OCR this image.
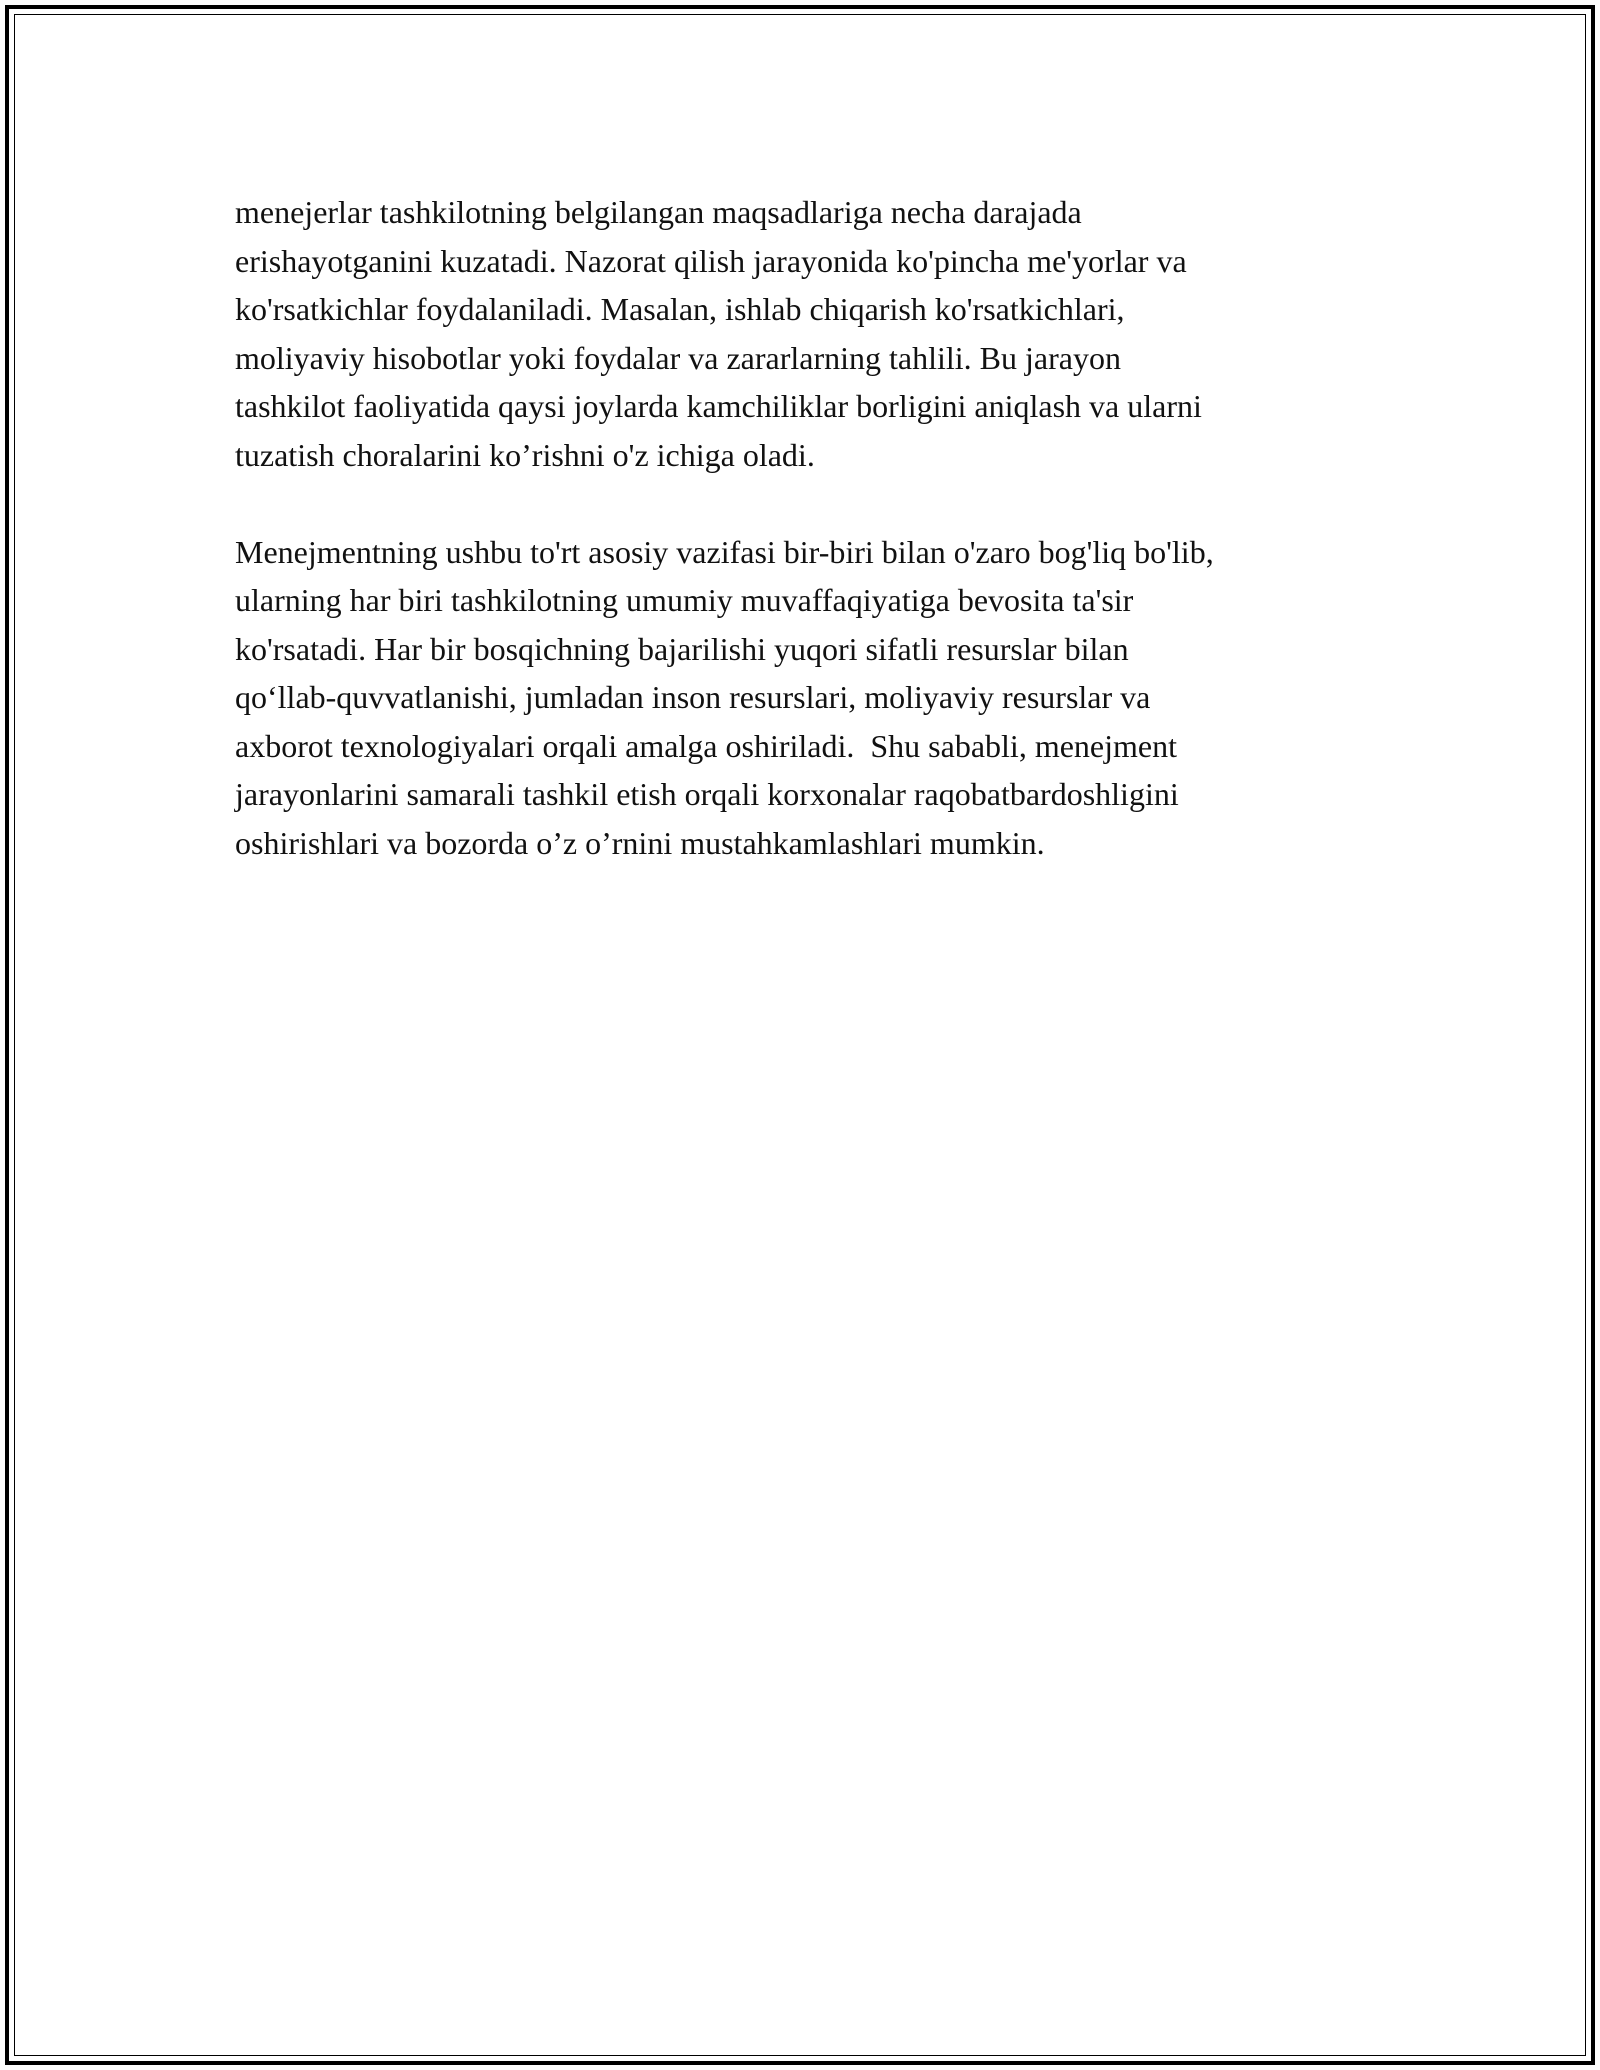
menejerlar tashkilotning belgilangan maqsadlariga necha darajada
erishayotganini kuzatadi. Nazorat qilish jarayonida ko'pincha me'yorlar va
ko'rsatkichlar foydalaniladi. Masalan, ishlab chiqarish ko'rsatkichlari,
moliyaviy hisobotlar yoki foydalar va zararlarning tahlili. Bu jarayon
tashkilot faoliyatida qaysi joylarda kamchiliklar borligini aniqlash va ularni
tuzatish choralarini ko’rishni o'z ichiga oladi.

Menejmentning ushbu to'rt asosiy vazifasi bir-biri bilan o'zaro bog'liq bo'lib,
ularning har biri tashkilotning umumiy muvaffaqiyatiga bevosita ta'sir
ko'rsatadi. Har bir bosqichning bajarilishi yuqori sifatli resurslar bilan
qo‘llab-quvvatlanishi, jumladan inson resurslari, moliyaviy resurslar va
axborot texnologiyalari orqali amalga oshiriladi.  Shu sababli, menejment
jarayonlarini samarali tashkil etish orqali korxonalar raqobatbardoshligini
oshirishlari va bozorda o’z o’rnini mustahkamlashlari mumkin.
